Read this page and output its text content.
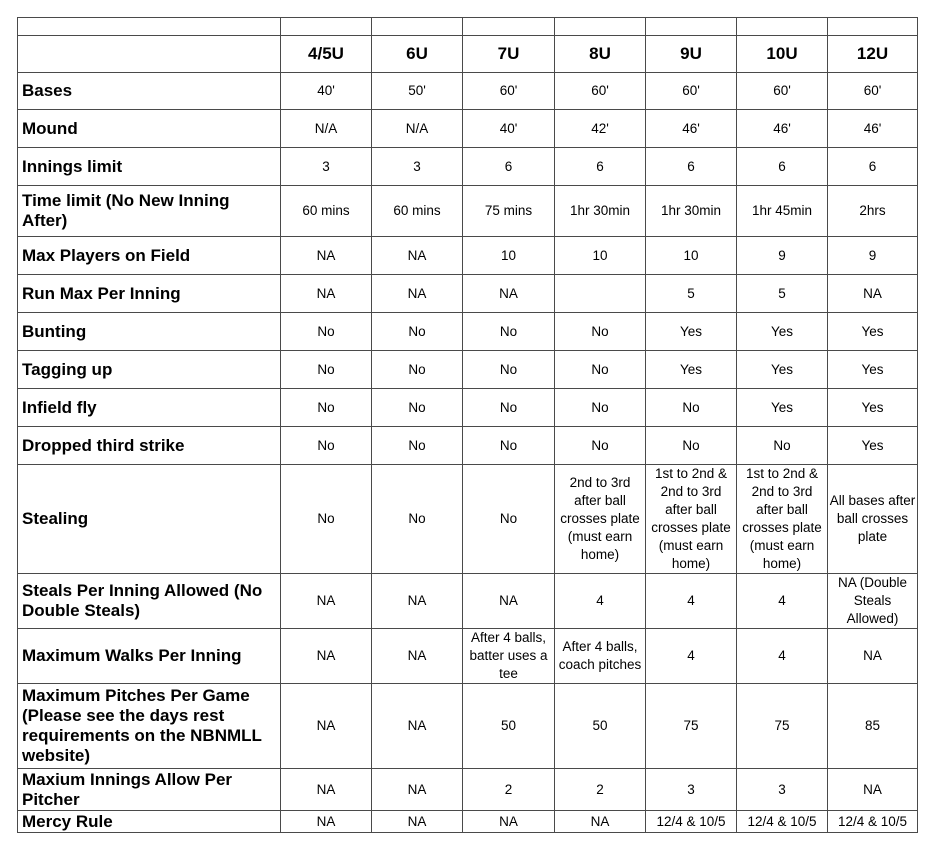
	4/5U	6U	7U	8U	9U	10U	12U
Bases	40'	50'	60'	60'	60'	60'	60'
Mound	N/A	N/A	40'	42'	46'	46'	46'
Innings limit	3	3	6	6	6	6	6
Time limit (No New Inning After)	60 mins	60 mins	75 mins	1hr 30min	1hr 30min	1hr 45min	2hrs
Max Players on Field	NA	NA	10	10	10	9	9
Run Max Per Inning	NA	NA	NA		5	5	NA
Bunting	No	No	No	No	Yes	Yes	Yes
Tagging up	No	No	No	No	Yes	Yes	Yes
Infield fly	No	No	No	No	No	Yes	Yes
Dropped third strike	No	No	No	No	No	No	Yes
Stealing	No	No	No	2nd to 3rd after ball crosses plate (must earn home)	1st to 2nd & 2nd to 3rd after ball crosses plate (must earn home)	1st to 2nd & 2nd to 3rd after ball crosses plate (must earn home)	All bases after ball crosses plate
Steals Per Inning Allowed (No Double Steals)	NA	NA	NA	4	4	4	NA (Double Steals Allowed)
Maximum Walks Per Inning	NA	NA	After 4 balls, batter uses a tee	After 4 balls, coach pitches	4	4	NA
Maximum Pitches Per Game (Please see the days rest requirements on the NBNMLL website)	NA	NA	50	50	75	75	85
Maxium Innings Allow Per Pitcher	NA	NA	2	2	3	3	NA
Mercy Rule	NA	NA	NA	NA	12/4 & 10/5	12/4 & 10/5	12/4 & 10/5
